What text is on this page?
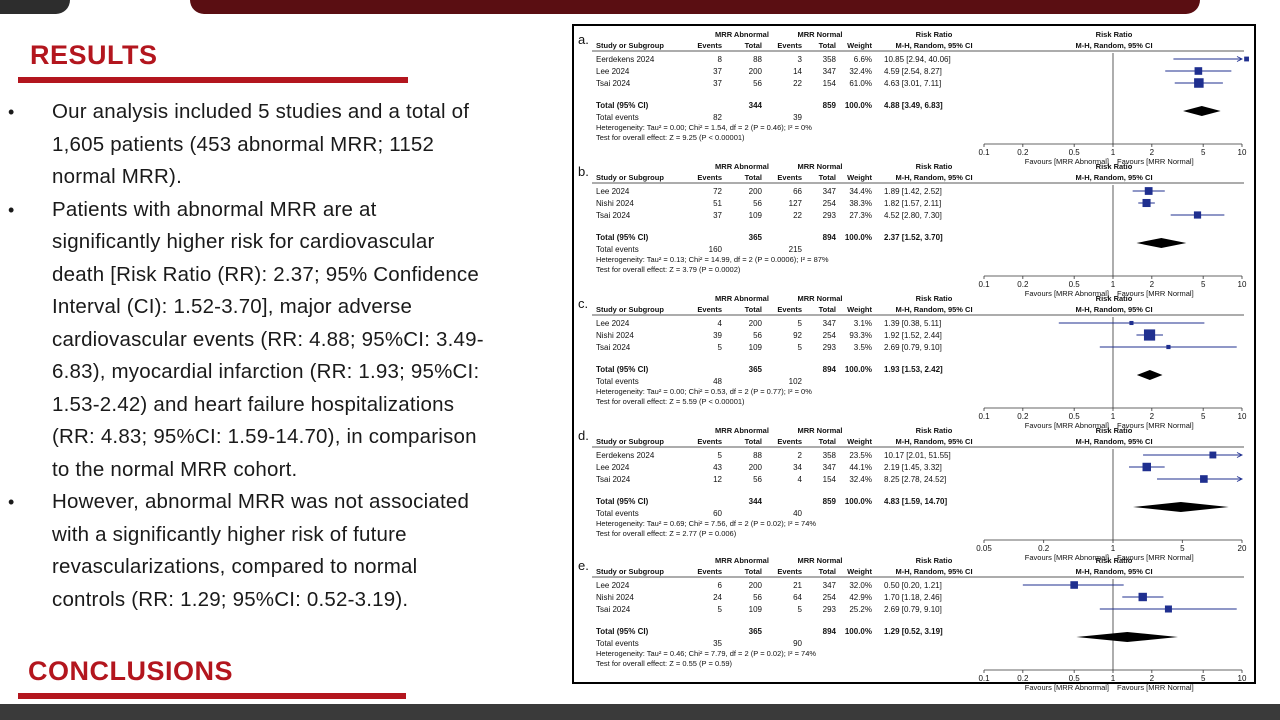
RESULTS
• Our analysis included 5 studies and a total of
1,605 patients (453 abnormal MRR; 1152
normal MRR).
• Patients with abnormal MRR are at
significantly higher risk for cardiovascular
death [Risk Ratio (RR): 2.37; 95% Confidence
Interval (CI): 1.52-3.70], major adverse
cardiovascular events (RR: 4.88; 95%CI: 3.49-
6.83), myocardial infarction (RR: 1.93; 95%CI:
1.53-2.42) and heart failure hospitalizations
(RR: 4.83; 95%CI: 1.59-14.70), in comparison
to the normal MRR cohort.
• However, abnormal MRR was not associated
with a significantly higher risk of future
revascularizations, compared to normal
controls (RR: 1.29; 95%CI: 0.52-3.19).
CONCLUSIONS
a.	MRR Abnormal	MRR Normal	Risk Ratio	Risk Ratio
Study or Subgroup	Events	Total Events Total Weight	M-H, Random, 95% CI	M-H, Random, 95% CI
Eerdekens 2024	8	88	3	358 6.6% 10.85 [2.94, 40.06]
Lee 2024	37	200	14	347 32.4% 4.59 [2.54, 8.27]
Tsai 2024	37	56	22	154 61.0% 4.63 [3.01, 7.11]
Total (95% CI)	344	859 100.0% 4.88 [3.49, 6.83]
Total events	82	39
Heterogeneity: Tau² = 0.00; Chi² = 1.54, df = 2 (P = 0.46); I² = 0%
Test for overall effect: Z = 9.25 (P < 0.00001)
0.1	0.2	0.5	1	2	5	10
Favours [MRR Abnormal] Favours [MRR Normal]
b.	MRR Abnormal	MRR Normal	Risk Ratio	Risk Ratio
Study or Subgroup	Events	Total Events Total Weight	M-H, Random, 95% CI	M-H, Random, 95% CI
Lee 2024	72	200	66	347 34.4% 1.89 [1.42, 2.52]
Nishi 2024	51	56	127	254 38.3% 1.82 [1.57, 2.11]
Tsai 2024	37	109	22	293 27.3% 4.52 [2.80, 7.30]
Total (95% CI)	365	894 100.0% 2.37 [1.52, 3.70]
Total events	160	215
Heterogeneity: Tau² = 0.13; Chi² = 14.99, df = 2 (P = 0.0006); I² = 87%
Test for overall effect: Z = 3.79 (P = 0.0002)
0.1	0.2	0.5	1	2	5	10
Favours [MRR Abnormal] Favours [MRR Normal]
c.	MRR Abnormal	MRR Normal	Risk Ratio	Risk Ratio
Study or Subgroup	Events	Total Events Total Weight	M-H, Random, 95% CI	M-H, Random, 95% CI
Lee 2024	4	200	5	347 3.1% 1.39 [0.38, 5.11]
Nishi 2024	39	56	92	254 93.3% 1.92 [1.52, 2.44]
Tsai 2024	5	109	5	293 3.5% 2.69 [0.79, 9.10]
Total (95% CI)	365	894 100.0% 1.93 [1.53, 2.42]
Total events	48	102
Heterogeneity: Tau² = 0.00; Chi² = 0.53, df = 2 (P = 0.77); I² = 0%
Test for overall effect: Z = 5.59 (P < 0.00001)
0.1	0.2	0.5	1	2	5	10
Favours [MRR Abnormal] Favours [MRR Normal]
d.	MRR Abnormal	MRR Normal	Risk Ratio	Risk Ratio
Study or Subgroup	Events	Total Events Total Weight	M-H, Random, 95% CI	M-H, Random, 95% CI
Eerdekens 2024	5	88	2	358 23.5% 10.17 [2.01, 51.55]
Lee 2024	43	200	34	347 44.1% 2.19 [1.45, 3.32]
Tsai 2024	12	56	4	154 32.4% 8.25 [2.78, 24.52]
Total (95% CI)	344	859 100.0% 4.83 [1.59, 14.70]
Total events	60	40
Heterogeneity: Tau² = 0.69; Chi² = 7.56, df = 2 (P = 0.02); I² = 74%
Test for overall effect: Z = 2.77 (P = 0.006)
0.05	0.2	1	5	20
Favours [MRR Abnormal] Favours [MRR Normal]
e.	MRR Abnormal	MRR Normal	Risk Ratio	Risk Ratio
Study or Subgroup	Events	Total Events Total Weight	M-H, Random, 95% CI	M-H, Random, 95% CI
Lee 2024	6	200	21	347 32.0% 0.50 [0.20, 1.21]
Nishi 2024	24	56	64	254 42.9% 1.70 [1.18, 2.46]
Tsai 2024	5	109	5	293 25.2% 2.69 [0.79, 9.10]
Total (95% CI)	365	894 100.0% 1.29 [0.52, 3.19]
Total events	35	90
Heterogeneity: Tau² = 0.46; Chi² = 7.79, df = 2 (P = 0.02); I² = 74%
Test for overall effect: Z = 0.55 (P = 0.59)
0.1	0.2	0.5	1	2	5	10
Favours [MRR Abnormal] Favours [MRR Normal]
